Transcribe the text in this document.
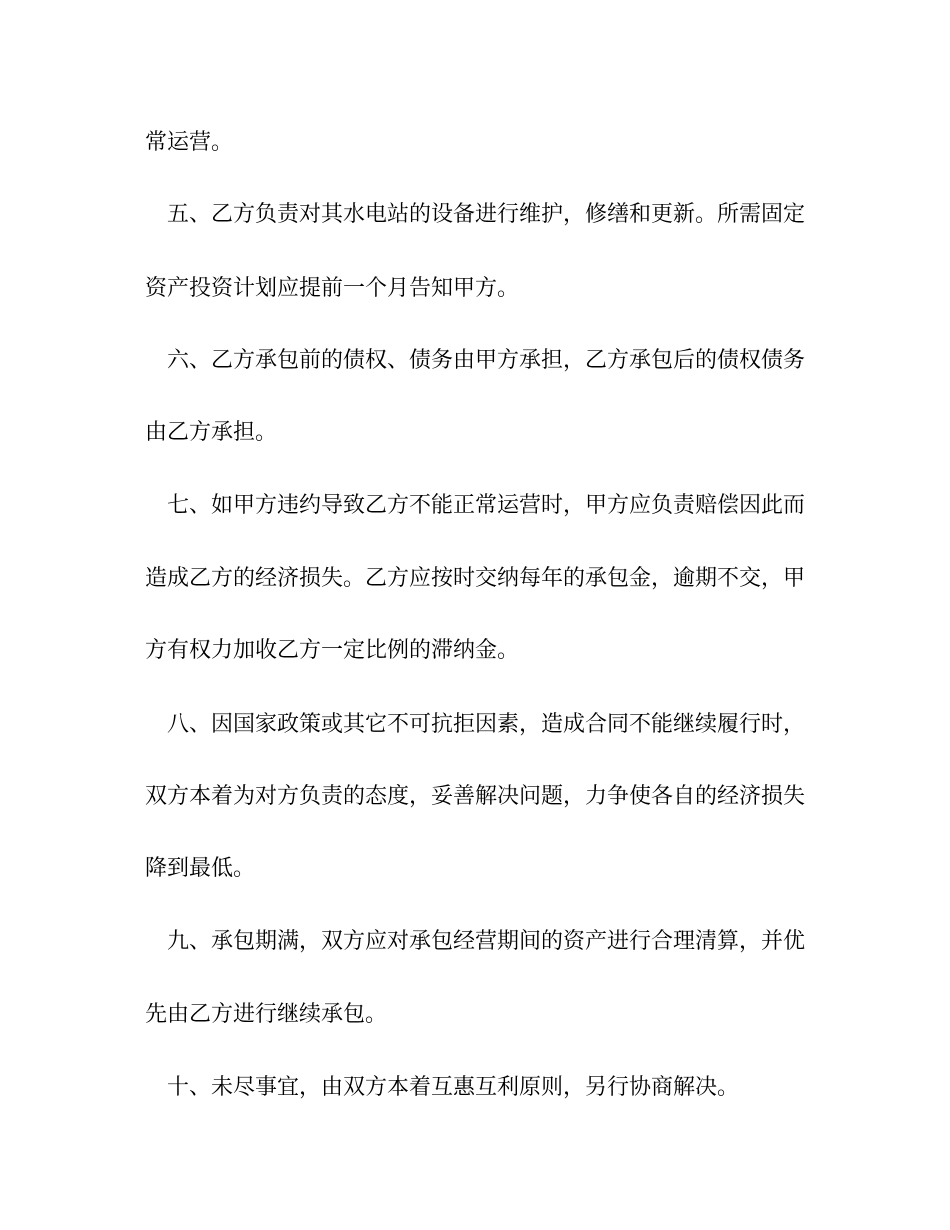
常运营。

　五、乙方负责对其水电站的设备进行维护，修缮和更新。所需固定

资产投资计划应提前一个月告知甲方。

　六、乙方承包前的债权、债务由甲方承担，乙方承包后的债权债务

由乙方承担。

　七、如甲方违约导致乙方不能正常运营时，甲方应负责赔偿因此而

造成乙方的经济损失。乙方应按时交纳每年的承包金，逾期不交，甲

方有权力加收乙方一定比例的滞纳金。

　八、因国家政策或其它不可抗拒因素，造成合同不能继续履行时，

双方本着为对方负责的态度，妥善解决问题，力争使各自的经济损失

降到最低。

　九、承包期满，双方应对承包经营期间的资产进行合理清算，并优

先由乙方进行继续承包。

　十、未尽事宜，由双方本着互惠互利原则，另行协商解决。
